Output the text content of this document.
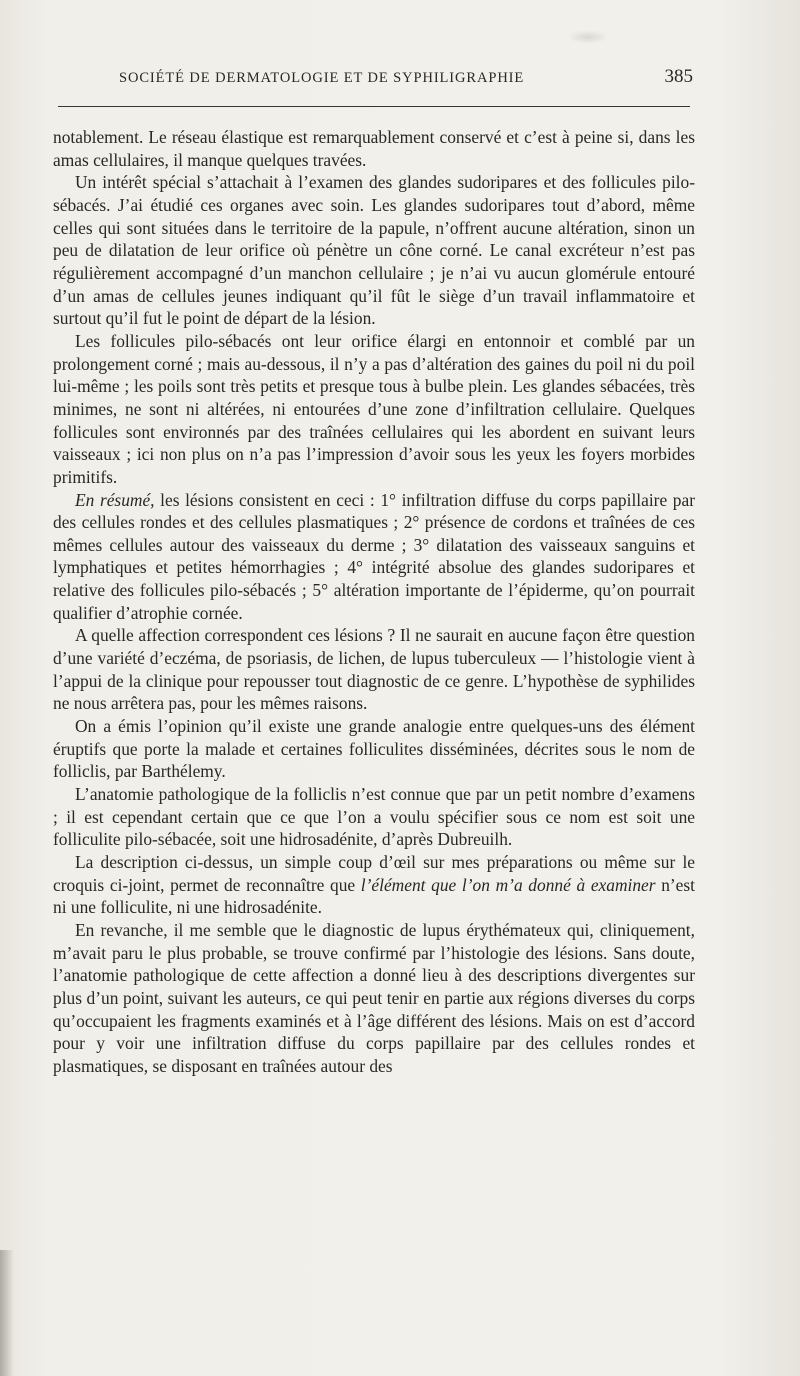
SOCIÉTÉ DE DERMATOLOGIE ET DE SYPHILIGRAPHIE	385

notablement. Le réseau élastique est remarquablement conservé et c’est à peine si, dans les amas cellulaires, il manque quelques travées.

Un intérêt spécial s’attachait à l’examen des glandes sudoripares et des follicules pilo-sébacés. J’ai étudié ces organes avec soin. Les glandes sudoripares tout d’abord, même celles qui sont situées dans le territoire de la papule, n’offrent aucune altération, sinon un peu de dilatation de leur orifice où pénètre un cône corné. Le canal excréteur n’est pas régulièrement accompagné d’un manchon cellulaire ; je n’ai vu aucun glomérule entouré d’un amas de cellules jeunes indiquant qu’il fût le siège d’un travail inflammatoire et surtout qu’il fut le point de départ de la lésion.

Les follicules pilo-sébacés ont leur orifice élargi en entonnoir et comblé par un prolongement corné ; mais au-dessous, il n’y a pas d’altération des gaines du poil ni du poil lui-même ; les poils sont très petits et presque tous à bulbe plein. Les glandes sébacées, très minimes, ne sont ni altérées, ni entourées d’une zone d’infiltration cellulaire. Quelques follicules sont environnés par des traînées cellulaires qui les abordent en suivant leurs vaisseaux ; ici non plus on n’a pas l’impression d’avoir sous les yeux les foyers morbides primitifs.

En résumé, les lésions consistent en ceci : 1° infiltration diffuse du corps papillaire par des cellules rondes et des cellules plasmatiques ; 2° présence de cordons et traînées de ces mêmes cellules autour des vaisseaux du derme ; 3° dilatation des vaisseaux sanguins et lymphatiques et petites hémorrhagies ; 4° intégrité absolue des glandes sudoripares et relative des follicules pilo-sébacés ; 5° altération importante de l’épiderme, qu’on pourrait qualifier d’atrophie cornée.

A quelle affection correspondent ces lésions ? Il ne saurait en aucune façon être question d’une variété d’eczéma, de psoriasis, de lichen, de lupus tuberculeux — l’histologie vient à l’appui de la clinique pour repousser tout diagnostic de ce genre. L’hypothèse de syphilides ne nous arrêtera pas, pour les mêmes raisons.

On a émis l’opinion qu’il existe une grande analogie entre quelques-uns des élément éruptifs que porte la malade et certaines folliculites disséminées, décrites sous le nom de folliclis, par Barthélemy.

L’anatomie pathologique de la folliclis n’est connue que par un petit nombre d’examens ; il est cependant certain que ce que l’on a voulu spécifier sous ce nom est soit une folliculite pilo-sébacée, soit une hidrosadénite, d’après Dubreuilh.

La description ci-dessus, un simple coup d’œil sur mes préparations ou même sur le croquis ci-joint, permet de reconnaître que l’élément que l’on m’a donné à examiner n’est ni une folliculite, ni une hidrosadénite.

En revanche, il me semble que le diagnostic de lupus érythémateux qui, cliniquement, m’avait paru le plus probable, se trouve confirmé par l’histologie des lésions. Sans doute, l’anatomie pathologique de cette affection a donné lieu à des descriptions divergentes sur plus d’un point, suivant les auteurs, ce qui peut tenir en partie aux régions diverses du corps qu’occupaient les fragments examinés et à l’âge différent des lésions. Mais on est d’accord pour y voir une infiltration diffuse du corps papillaire par des cellules rondes et plasmatiques, se disposant en traînées autour des
